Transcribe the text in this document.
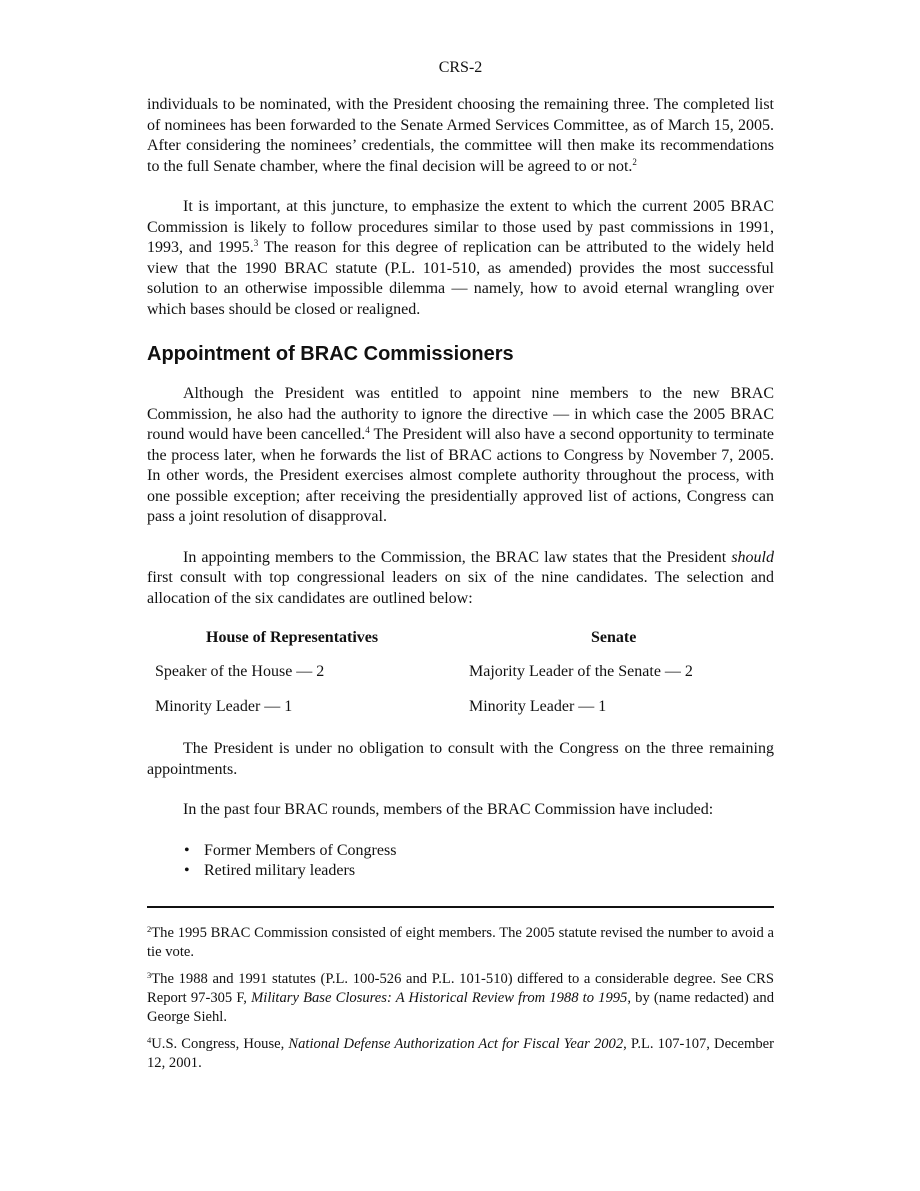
CRS-2

individuals to be nominated, with the President choosing the remaining three. The completed list of nominees has been forwarded to the Senate Armed Services Committee, as of March 15, 2005. After considering the nominees’ credentials, the committee will then make its recommendations to the full Senate chamber, where the final decision will be agreed to or not.$^2$

It is important, at this juncture, to emphasize the extent to which the current 2005 BRAC Commission is likely to follow procedures similar to those used by past commissions in 1991, 1993, and 1995.$^3$ The reason for this degree of replication can be attributed to the widely held view that the 1990 BRAC statute (P.L. 101-510, as amended) provides the most successful solution to an otherwise impossible dilemma — namely, how to avoid eternal wrangling over which bases should be closed or realigned.

Appointment of BRAC Commissioners

Although the President was entitled to appoint nine members to the new BRAC Commission, he also had the authority to ignore the directive — in which case the 2005 BRAC round would have been cancelled.$^4$ The President will also have a second opportunity to terminate the process later, when he forwards the list of BRAC actions to Congress by November 7, 2005. In other words, the President exercises almost complete authority throughout the process, with one possible exception; after receiving the presidentially approved list of actions, Congress can pass a joint resolution of disapproval.

In appointing members to the Commission, the BRAC law states that the President should first consult with top congressional leaders on six of the nine candidates. The selection and allocation of the six candidates are outlined below:

House of Representatives	Senate
Speaker of the House — 2	Majority Leader of the Senate — 2
Minority Leader — 1	Minority Leader — 1

The President is under no obligation to consult with the Congress on the three remaining appointments.

In the past four BRAC rounds, members of the BRAC Commission have included:

• Former Members of Congress
• Retired military leaders

$^2$The 1995 BRAC Commission consisted of eight members. The 2005 statute revised the number to avoid a tie vote.

$^3$The 1988 and 1991 statutes (P.L. 100-526 and P.L. 101-510) differed to a considerable degree. See CRS Report 97-305 F, Military Base Closures: A Historical Review from 1988 to 1995, by (name redacted) and George Siehl.

$^4$U.S. Congress, House, National Defense Authorization Act for Fiscal Year 2002, P.L. 107-107, December 12, 2001.
